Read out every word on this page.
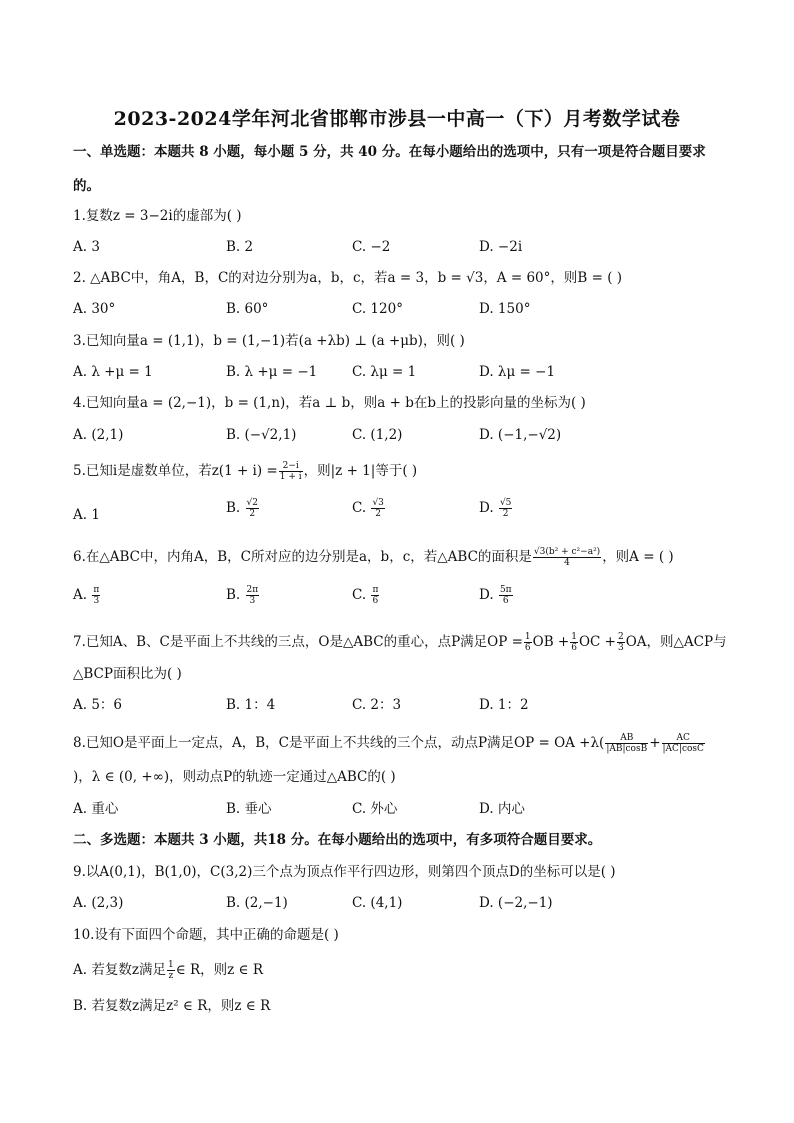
2023-2024学年河北省邯郸市涉县一中高一（下）月考数学试卷
一、单选题：本题共 8 小题，每小题 5 分，共 40 分。在每小题给出的选项中，只有一项是符合题目要求
的。
1.复数z = 3−2i的虚部为( )
A. 3	B. 2	C. −2	D. −2i
2. △ABC中，角A，B，C的对边分别为a，b，c，若a = 3，b = √3，A = 60°，则B = ( )
A. 30°	B. 60°	C. 120°	D. 150°
3.已知向量a = (1,1)，b = (1,−1)若(a +λb) ⊥ (a +μb)，则( )
A. λ +μ = 1	B. λ +μ = −1	C. λμ = 1	D. λμ = −1
4.已知向量a = (2,−1)，b = (1,n)，若a ⊥ b，则a + b在b上的投影向量的坐标为( )
A. (2,1)	B. (−√2,1)	C. (1,2)	D. (−1,−√2)
5.已知i是虚数单位，若$z(1 + i) = \frac{2-i}{1 + i}$ ，则|z + 1|等于( )
A. 1	B. $\frac{√2}{2}$	C. $\frac{√3}{2}$	D. $\frac{√5}{2}$
6.在△ABC中，内角A，B，C所对应的边分别是a，b，c，若△ABC的面积是 $\frac{\text{√3(b² + c²−a²)}}{4}$ ，则A = ( )
A. $\frac{\pi}{3}$	B. $\frac{2\pi}{3}$	C. $\frac{\pi}{6}$	D. $\frac{5\pi}{6}$
7.已知A、B、C是平面上不共线的三点，O是△ABC的重心，点P满足OP = $\frac{1}{6}$ OB + $\frac{1}{6}$ OC + $\frac{2}{3}$ OA，则△ACP与
△BCP面积比为( )
A. 5：6	B. 1：4	C. 2：3	D. 1：2
8.已知O是平面上一定点，A，B，C是平面上不共线的三个点，动点P满足OP = OA $+\lambda( \frac{AB}{|AB|\cos B} + \frac{AC}{|AC|\cos C}$
)，λ ∈ (0, +∞)，则动点P的轨迹一定通过△ABC的( )
A. 重心	B. 垂心	C. 外心	D. 内心
二、多选题：本题共 3 小题，共18 分。在每小题给出的选项中，有多项符合题目要求。
9.以A(0,1)，B(1,0)，C(3,2)三个点为顶点作平行四边形，则第四个顶点D的坐标可以是( )
A. (2,3)	B. (2,−1)	C. (4,1)	D. (−2,−1)
10.设有下面四个命题，其中正确的命题是( )
A. 若复数z满足 $\frac{1}{z}$ ∈ R，则z ∈ R
B. 若复数z满足z² ∈ R，则z ∈ R
